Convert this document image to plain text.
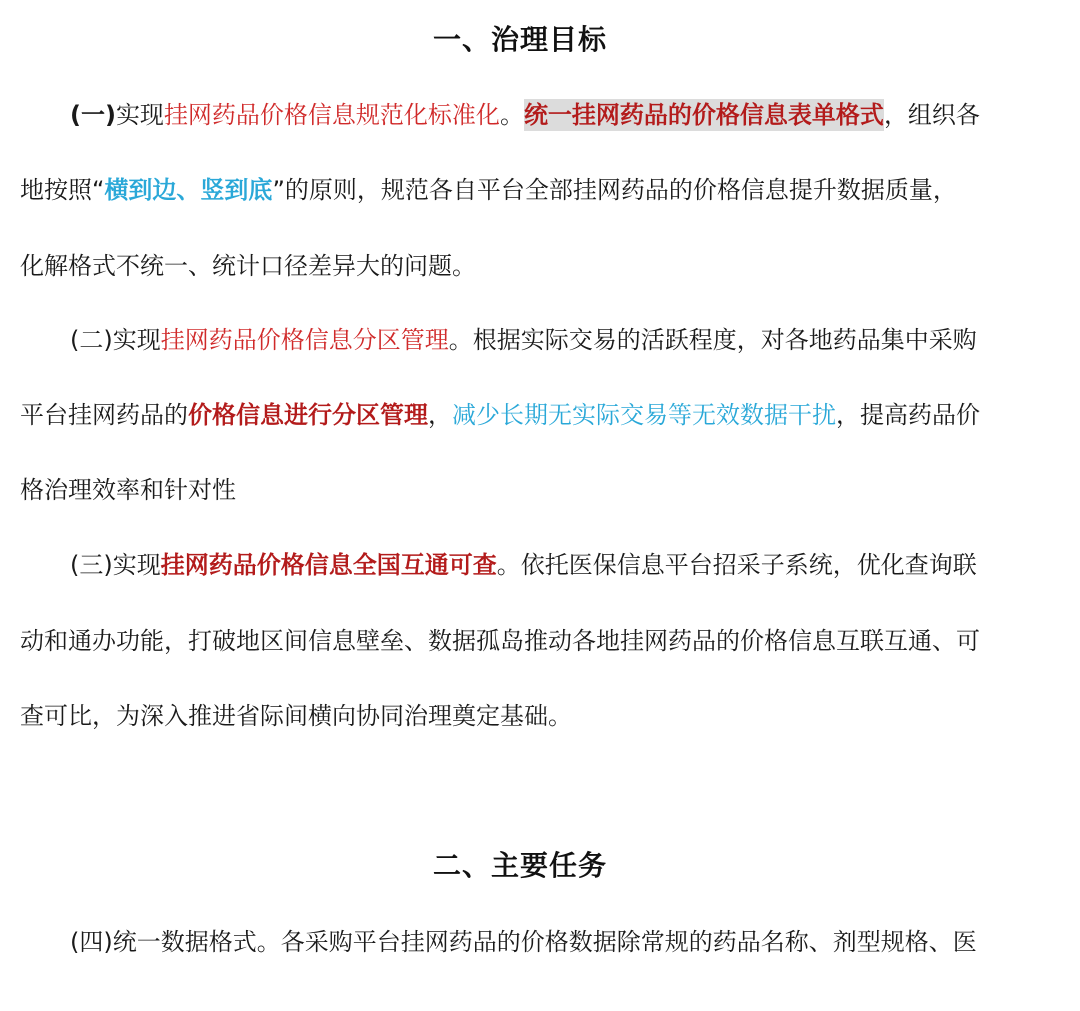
一、治理目标
(一)实现挂网药品价格信息规范化标准化。统一挂网药品的价格信息表单格式，组织各
地按照“横到边、竖到底”的原则，规范各自平台全部挂网药品的价格信息提升数据质量，
化解格式不统一、统计口径差异大的问题。
(二)实现挂网药品价格信息分区管理。根据实际交易的活跃程度，对各地药品集中采购
平台挂网药品的价格信息进行分区管理，减少长期无实际交易等无效数据干扰，提高药品价
格治理效率和针对性
(三)实现挂网药品价格信息全国互通可查。依托医保信息平台招采子系统，优化查询联
动和通办功能，打破地区间信息壁垒、数据孤岛推动各地挂网药品的价格信息互联互通、可
查可比，为深入推进省际间横向协同治理奠定基础。
二、主要任务
(四)统一数据格式。各采购平台挂网药品的价格数据除常规的药品名称、剂型规格、医
